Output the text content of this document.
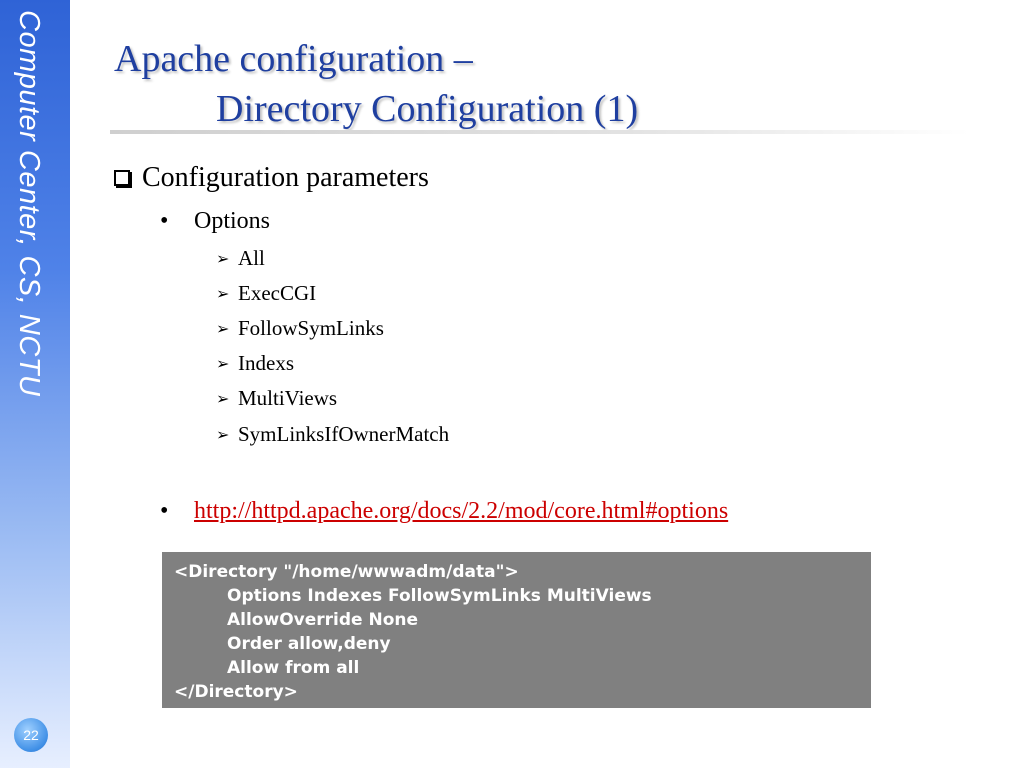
Computer Center, CS, NCTU
22
Apache configuration –
Directory Configuration (1)
Configuration parameters
•	Options
➢ All
➢ ExecCGI
➢ FollowSymLinks
➢ Indexs
➢ MultiViews
➢ SymLinksIfOwnerMatch
•	http://httpd.apache.org/docs/2.2/mod/core.html#options
<Directory "/home/wwwadm/data">
Options Indexes FollowSymLinks MultiViews
AllowOverride None
Order allow,deny
Allow from all
</Directory>
